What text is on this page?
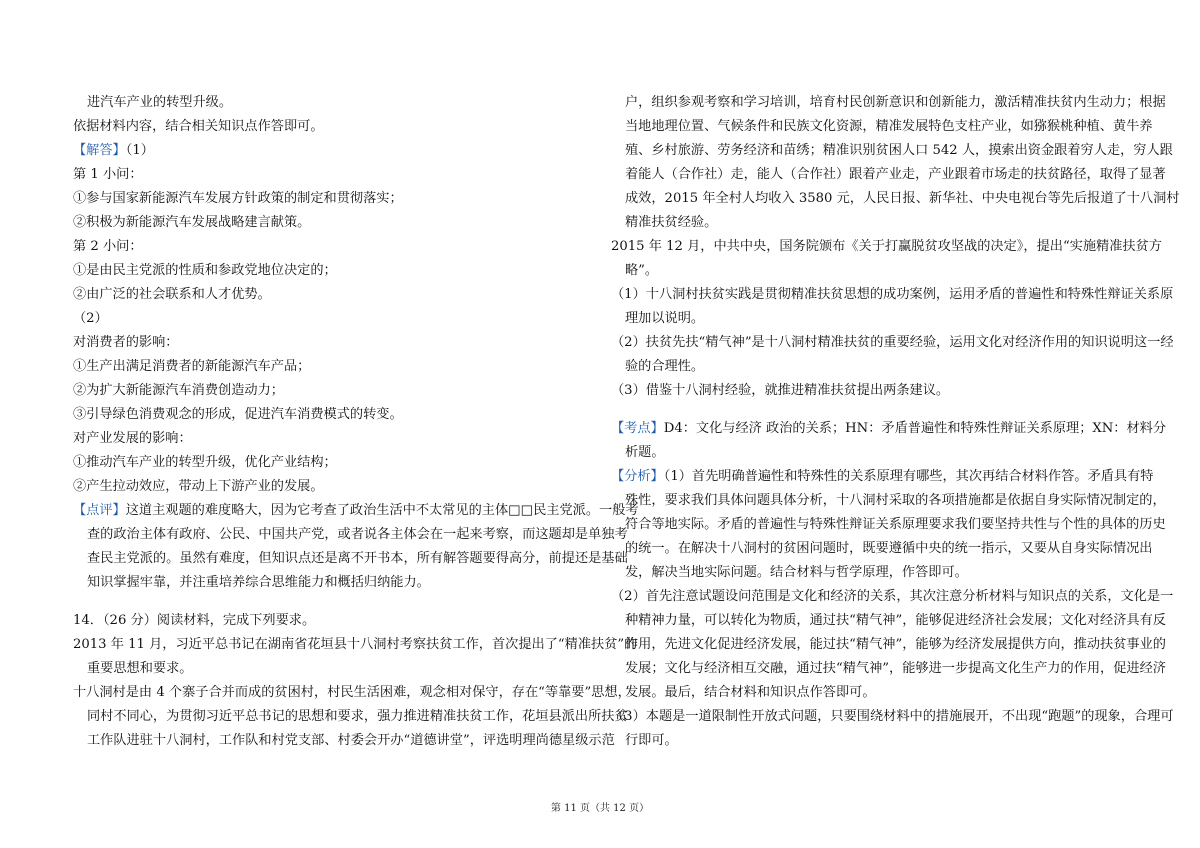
进汽车产业的转型升级。
依据材料内容，结合相关知识点作答即可。
【解答】（1）
第 1 小问：
①参与国家新能源汽车发展方针政策的制定和贯彻落实；
②积极为新能源汽车发展战略建言献策。
第 2 小问：
①是由民主党派的性质和参政党地位决定的；
②由广泛的社会联系和人才优势。
（2）
对消费者的影响：
①生产出满足消费者的新能源汽车产品；
②为扩大新能源汽车消费创造动力；
③引导绿色消费观念的形成，促进汽车消费模式的转变。
对产业发展的影响：
①推动汽车产业的转型升级，优化产业结构；
②产生拉动效应，带动上下游产业的发展。
【点评】这道主观题的难度略大，因为它考查了政治生活中不太常见的主体□□民主党派。一般考
查的政治主体有政府、公民、中国共产党，或者说各主体会在一起来考察，而这题却是单独考
查民主党派的。虽然有难度，但知识点还是离不开书本，所有解答题要得高分，前提还是基础
知识掌握牢靠，并注重培养综合思维能力和概括归纳能力。
14．（26 分）阅读材料，完成下列要求。
2013 年 11 月，习近平总书记在湖南省花垣县十八洞村考察扶贫工作，首次提出了“精准扶贫”的
重要思想和要求。
十八洞村是由 4 个寨子合并而成的贫困村，村民生活困难，观念相对保守，存在“等靠要”思想，
同村不同心，为贯彻习近平总书记的思想和要求，强力推进精准扶贫工作，花垣县派出所扶贫
工作队进驻十八洞村，工作队和村党支部、村委会开办“道德讲堂”，评选明理尚德星级示范
户，组织参观考察和学习培训，培育村民创新意识和创新能力，激活精准扶贫内生动力；根据
当地地理位置、气候条件和民族文化资源，精准发展特色支柱产业，如猕猴桃种植、黄牛养
殖、乡村旅游、劳务经济和苗绣；精准识别贫困人口 542 人，摸索出资金跟着穷人走，穷人跟
着能人（合作社）走，能人（合作社）跟着产业走，产业跟着市场走的扶贫路径，取得了显著
成效，2015 年全村人均收入 3580 元，人民日报、新华社、中央电视台等先后报道了十八洞村
精准扶贫经验。
2015 年 12 月，中共中央，国务院颁布《关于打赢脱贫攻坚战的决定》，提出“实施精准扶贫方
略”。
（1）十八洞村扶贫实践是贯彻精准扶贫思想的成功案例，运用矛盾的普遍性和特殊性辩证关系原
理加以说明。
（2）扶贫先扶“精气神”是十八洞村精准扶贫的重要经验，运用文化对经济作用的知识说明这一经
验的合理性。
（3）借鉴十八洞村经验，就推进精准扶贫提出两条建议。
【考点】D4：文化与经济 政治的关系；HN：矛盾普遍性和特殊性辩证关系原理；XN：材料分
析题。
【分析】（1）首先明确普遍性和特殊性的关系原理有哪些，其次再结合材料作答。矛盾具有特
殊性，要求我们具体问题具体分析，十八洞村采取的各项措施都是依据自身实际情况制定的，
符合等地实际。矛盾的普遍性与特殊性辩证关系原理要求我们要坚持共性与个性的具体的历史
的统一。在解决十八洞村的贫困问题时，既要遵循中央的统一指示，又要从自身实际情况出
发，解决当地实际问题。结合材料与哲学原理，作答即可。
（2）首先注意试题设问范围是文化和经济的关系，其次注意分析材料与知识点的关系，文化是一
种精神力量，可以转化为物质，通过扶“精气神”，能够促进经济社会发展；文化对经济具有反
作用，先进文化促进经济发展，能过扶“精气神”，能够为经济发展提供方向，推动扶贫事业的
发展；文化与经济相互交融，通过扶“精气神”，能够进一步提高文化生产力的作用，促进经济
发展。最后，结合材料和知识点作答即可。
（3）本题是一道限制性开放式问题，只要围绕材料中的措施展开，不出现“跑题”的现象，合理可
行即可。
第 11 页（共 12 页）
